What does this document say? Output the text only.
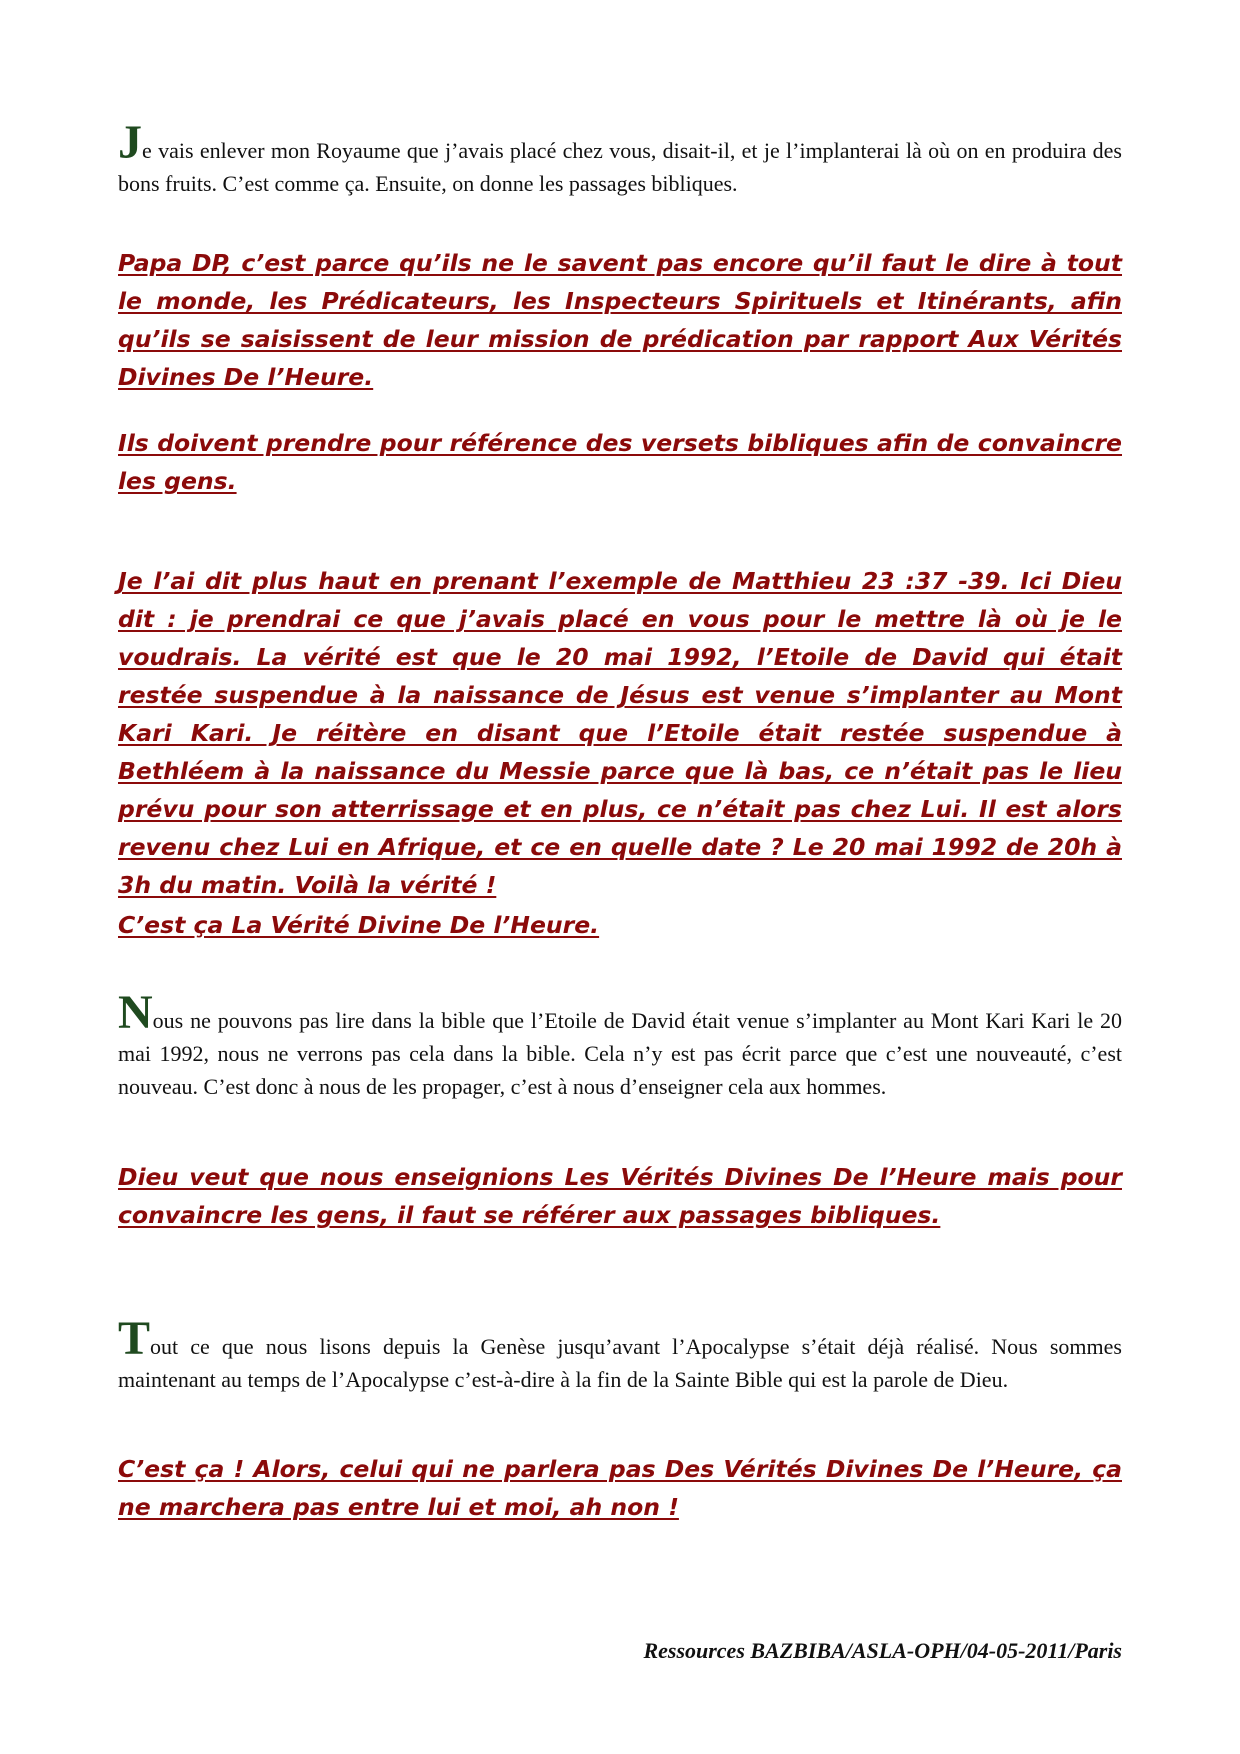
Je vais enlever mon Royaume que j’avais placé chez vous, disait-il, et je l’implanterai là où on en produira des bons fruits. C’est comme ça. Ensuite, on donne les passages bibliques.

Papa DP, c’est parce qu’ils ne le savent pas encore qu’il faut le dire à tout le monde, les Prédicateurs, les Inspecteurs Spirituels et Itinérants, afin qu’ils se saisissent de leur mission de prédication par rapport Aux Vérités Divines De l’Heure.

Ils doivent prendre pour référence des versets bibliques afin de convaincre les gens.

Je l’ai dit plus haut en prenant l’exemple de Matthieu 23 :37 -39. Ici Dieu dit : je prendrai ce que j’avais placé en vous pour le mettre là où je le voudrais. La vérité est que le 20 mai 1992, l’Etoile de David qui était restée suspendue à la naissance de Jésus est venue s’implanter au Mont Kari Kari. Je réitère en disant que l’Etoile était restée suspendue à Bethléem à la naissance du Messie parce que là bas, ce n’était pas le lieu prévu pour son atterrissage et en plus, ce n’était pas chez Lui. Il est alors revenu chez Lui en Afrique, et ce en quelle date ? Le 20 mai 1992 de 20h à 3h du matin. Voilà la vérité !

C’est ça La Vérité Divine De l’Heure.

Nous ne pouvons pas lire dans la bible que l’Etoile de David était venue s’implanter au Mont Kari Kari le 20 mai 1992, nous ne verrons pas cela dans la bible. Cela n’y est pas écrit parce que c’est une nouveauté, c’est nouveau. C’est donc à nous de les propager, c’est à nous d’enseigner cela aux hommes.

Dieu veut que nous enseignions Les Vérités Divines De l’Heure mais pour convaincre les gens, il faut se référer aux passages bibliques.

Tout ce que nous lisons depuis la Genèse jusqu’avant l’Apocalypse s’était déjà réalisé. Nous sommes maintenant au temps de l’Apocalypse c’est-à-dire à la fin de la Sainte Bible qui est la parole de Dieu.

C’est ça ! Alors, celui qui ne parlera pas Des Vérités Divines De l’Heure, ça ne marchera pas entre lui et moi, ah non !

Ressources BAZBIBA/ASLA-OPH/04-05-2011/Paris
